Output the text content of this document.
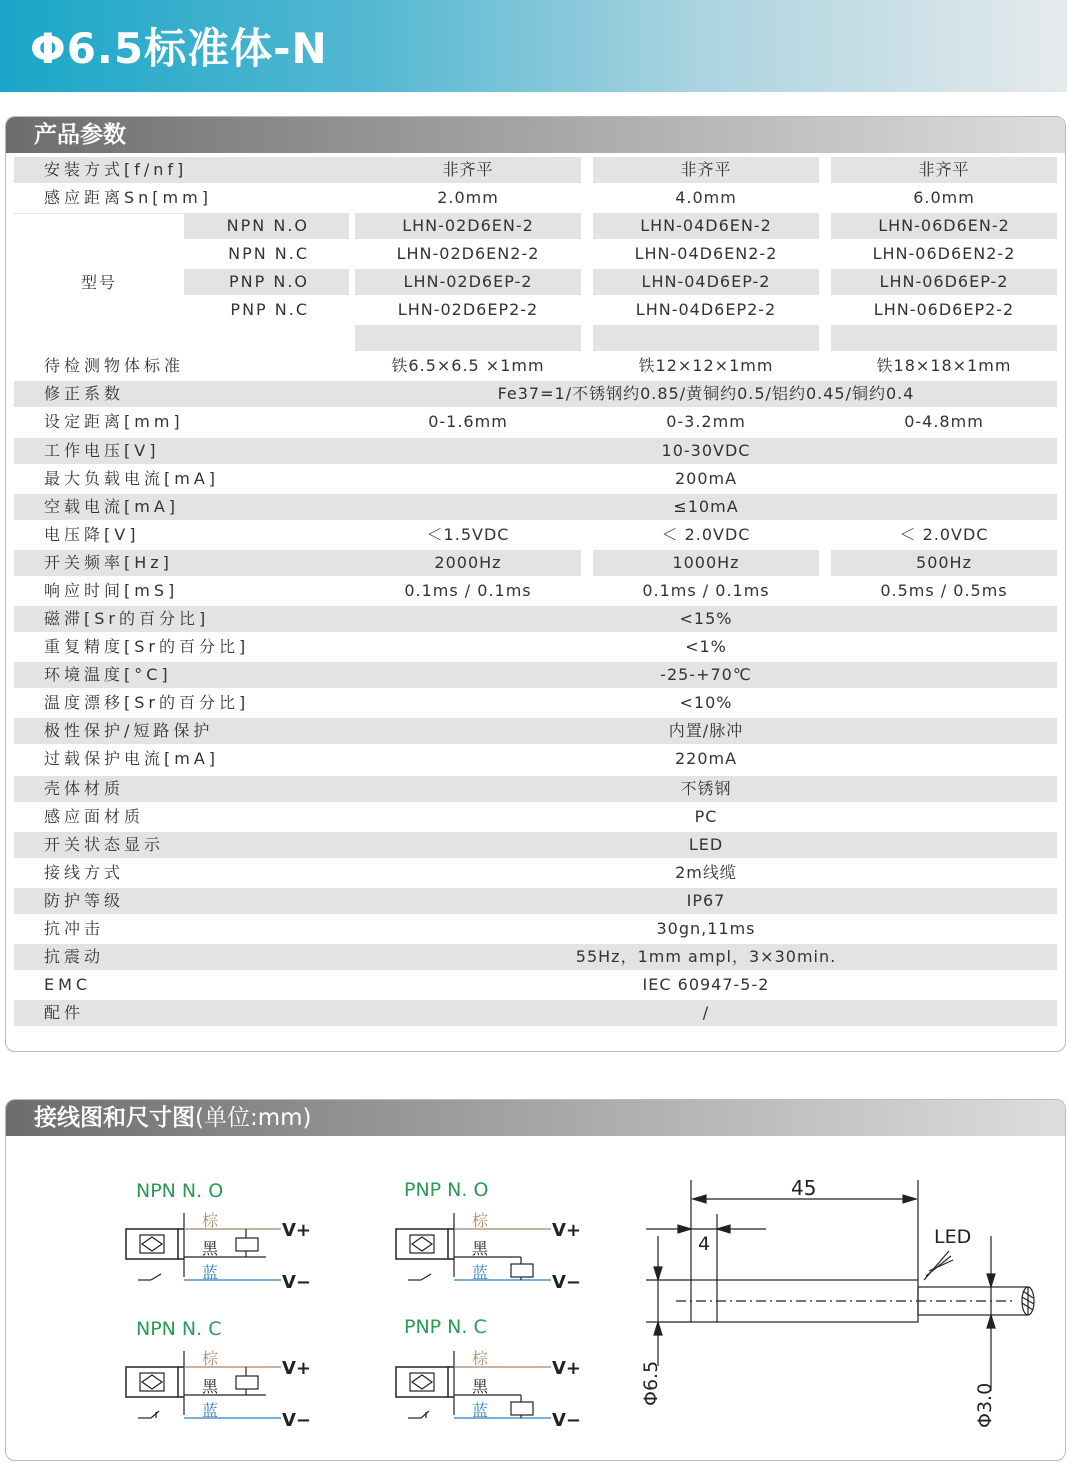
Φ6.5标准体-N
产品参数
安装方式[f/nf]	非齐平	非齐平	非齐平
感应距离Sn[mm]	2.0mm	4.0mm	6.0mm
型号
NPN N.O	LHN-02D6EN-2	LHN-04D6EN-2	LHN-06D6EN-2
NPN N.C	LHN-02D6EN2-2	LHN-04D6EN2-2	LHN-06D6EN2-2
PNP N.O	LHN-02D6EP-2	LHN-04D6EP-2	LHN-06D6EP-2
PNP N.C	LHN-02D6EP2-2	LHN-04D6EP2-2	LHN-06D6EP2-2
待检测物体标准	铁6.5×6.5 ×1mm	铁12×12×1mm	铁18×18×1mm
修正系数	Fe37=1/不锈钢约0.85/黄铜约0.5/铝约0.45/铜约0.4
设定距离[mm]	0-1.6mm	0-3.2mm	0-4.8mm
工作电压[V]	10-30VDC
最大负载电流[mA]	200mA
空载电流[mA]	≤10mA
电压降[V]	＜1.5VDC	＜ 2.0VDC	＜ 2.0VDC
开关频率[Hz]	2000Hz	1000Hz	500Hz
响应时间[mS]	0.1ms / 0.1ms	0.1ms / 0.1ms	0.5ms / 0.5ms
磁滞[Sr的百分比]	<15%
重复精度[Sr的百分比]	<1%
环境温度[°C]	-25-+70℃
温度漂移[Sr的百分比]	<10%
极性保护/短路保护	内置/脉冲
过载保护电流[mA]	220mA
壳体材质	不锈钢
感应面材质	PC
开关状态显示	LED
接线方式	2m线缆
防护等级	IP67
抗冲击	30gn,11ms
抗震动	55Hz，1mm ampl，3×30min.
EMC	IEC 60947-5-2
配件	/
接线图和尺寸图(单位:mm)
NPN N. O
棕
黑
蓝
V+
V−
NPN N. C
棕
黑
蓝
V+
V−
PNP N. O
棕
黑
蓝
V+
V−
PNP N. C
棕
黑
蓝
V+
V−
45
4	LED
Φ6.5	Φ3.0
